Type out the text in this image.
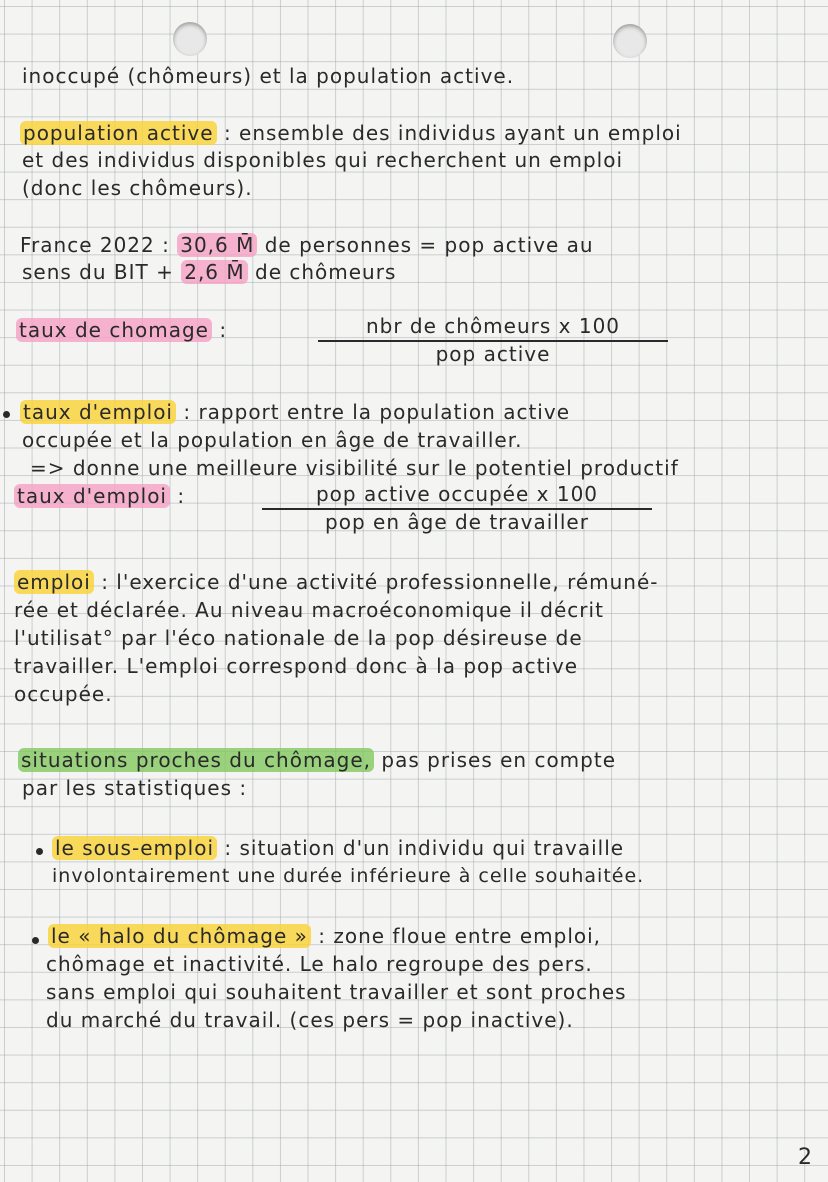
inoccupé (chômeurs) et la population active.
population active : ensemble des individus ayant un emploi
et des individus disponibles qui recherchent un emploi
(donc les chômeurs).
France 2022 : 30,6 M̄ de personnes = pop active au
sens du BIT + 2,6 M̄ de chômeurs
taux de chomage :	nbr de chômeurs x 100
pop active
taux d'emploi : rapport entre la population active
occupée et la population en âge de travailler.
=> donne une meilleure visibilité sur le potentiel productif
taux d'emploi :	pop active occupée x 100
pop en âge de travailler
emploi : l'exercice d'une activité professionnelle, rémuné-
rée et déclarée. Au niveau macroéconomique il décrit
l'utilisat° par l'éco nationale de la pop désireuse de
travailler. L'emploi correspond donc à la pop active
occupée.
situations proches du chômage, pas prises en compte
par les statistiques :
le sous-emploi : situation d'un individu qui travaille
involontairement une durée inférieure à celle souhaitée.
le « halo du chômage » : zone floue entre emploi,
chômage et inactivité. Le halo regroupe des pers.
sans emploi qui souhaitent travailler et sont proches
du marché du travail. (ces pers = pop inactive).
2
